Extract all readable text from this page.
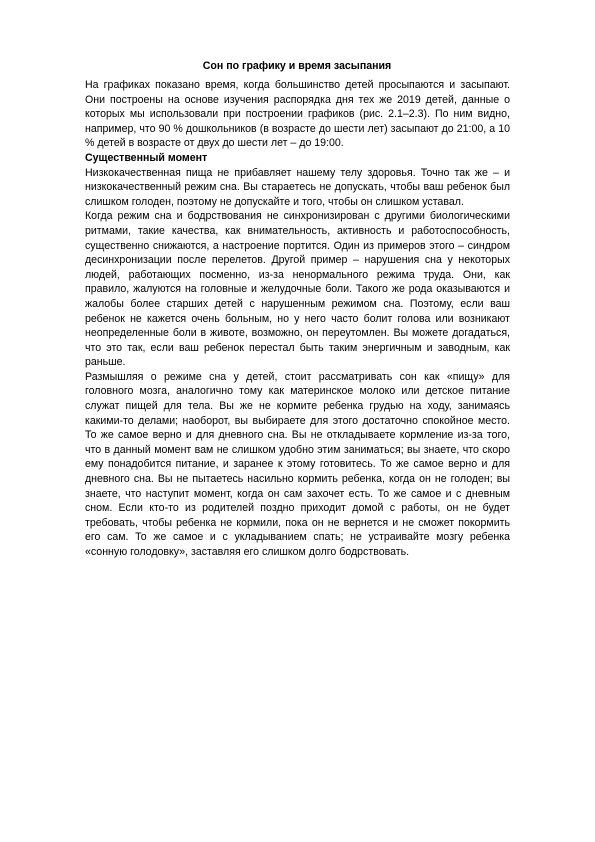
Сон по графику и время засыпания

На графиках показано время, когда большинство детей просыпаются и засыпают. Они построены на основе изучения распорядка дня тех же 2019 детей, данные о которых мы использовали при построении графиков (рис. 2.1–2.3). По ним видно, например, что 90 % дошкольников (в возрасте до шести лет) засыпают до 21:00, а 10 % детей в возрасте от двух до шести лет – до 19:00.

Существенный момент

Низкокачественная пища не прибавляет нашему телу здоровья. Точно так же – и низкокачественный режим сна. Вы стараетесь не допускать, чтобы ваш ребенок был слишком голоден, поэтому не допускайте и того, чтобы он слишком уставал.

Когда режим сна и бодрствования не синхронизирован с другими биологическими ритмами, такие качества, как внимательность, активность и работоспособность, существенно снижаются, а настроение портится. Один из примеров этого – синдром десинхронизации после перелетов. Другой пример – нарушения сна у некоторых людей, работающих посменно, из-за ненормального режима труда. Они, как правило, жалуются на головные и желудочные боли. Такого же рода оказываются и жалобы более старших детей с нарушенным режимом сна. Поэтому, если ваш ребенок не кажется очень больным, но у него часто болит голова или возникают неопределенные боли в животе, возможно, он переутомлен. Вы можете догадаться, что это так, если ваш ребенок перестал быть таким энергичным и заводным, как раньше.

Размышляя о режиме сна у детей, стоит рассматривать сон как «пищу» для головного мозга, аналогично тому как материнское молоко или детское питание служат пищей для тела. Вы же не кормите ребенка грудью на ходу, занимаясь какими-то делами; наоборот, вы выбираете для этого достаточно спокойное место. То же самое верно и для дневного сна. Вы не откладываете кормление из-за того, что в данный момент вам не слишком удобно этим заниматься; вы знаете, что скоро ему понадобится питание, и заранее к этому готовитесь. То же самое верно и для дневного сна. Вы не пытаетесь насильно кормить ребенка, когда он не голоден; вы знаете, что наступит момент, когда он сам захочет есть. То же самое и с дневным сном. Если кто-то из родителей поздно приходит домой с работы, он не будет требовать, чтобы ребенка не кормили, пока он не вернется и не сможет покормить его сам. То же самое и с укладыванием спать; не устраивайте мозгу ребенка «сонную голодовку», заставляя его слишком долго бодрствовать.
